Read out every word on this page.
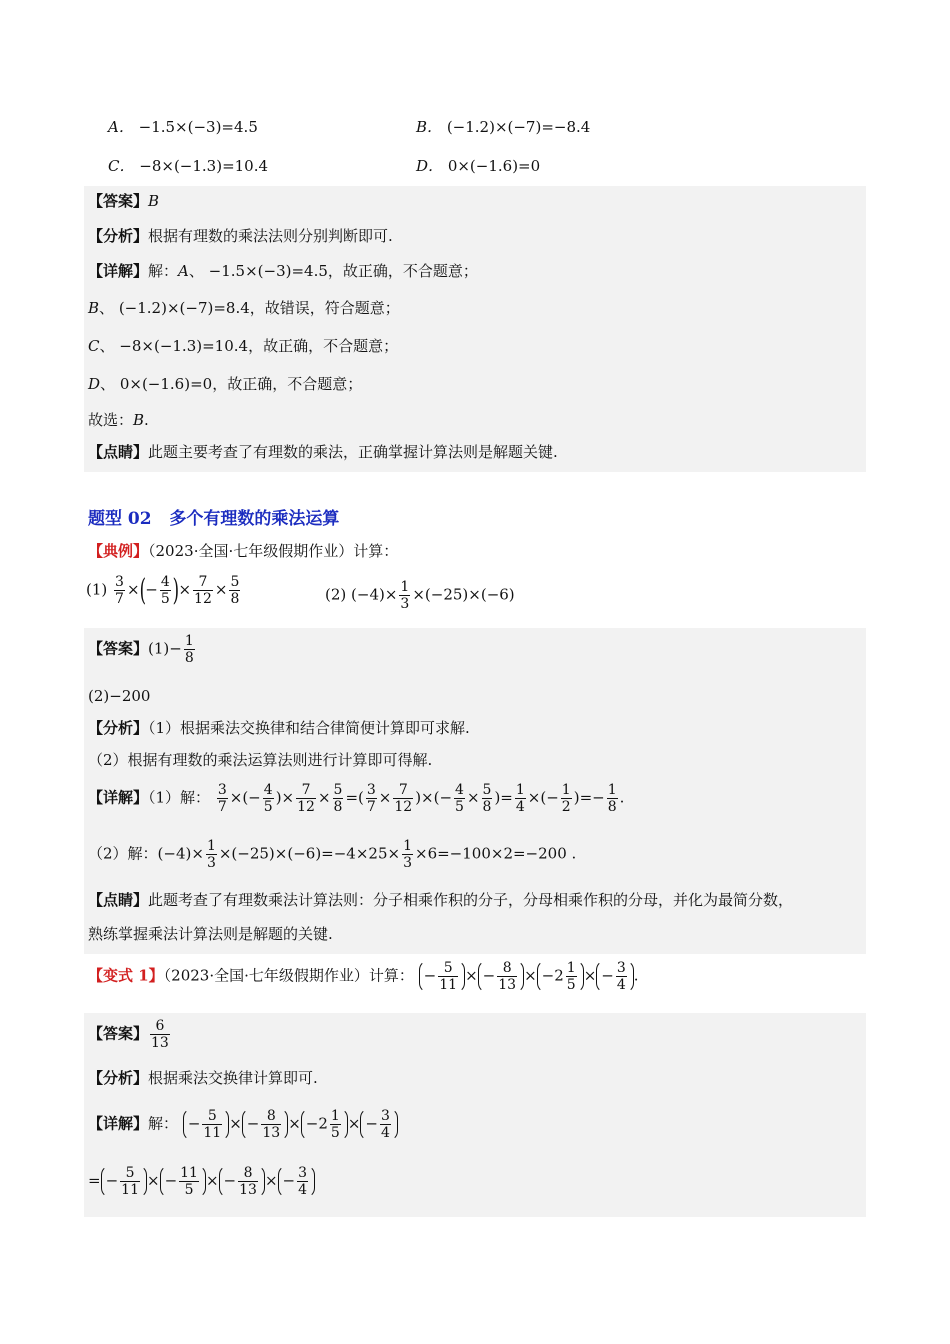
A． −1.5×(−3)=4.5	B． (−1.2)×(−7)=−8.4
C． −8×(−1.3)=10.4	D． 0×(−1.6)=0
【答案】B
【分析】根据有理数的乘法法则分别判断即可.
【详解】解：A、 −1.5×(−3)=4.5，故正确，不合题意；
B、 (−1.2)×(−7)=8.4，故错误，符合题意；
C、 −8×(−1.3)=10.4，故正确，不合题意；
D、 0×(−1.6)=0，故正确，不合题意；
故选：B.
【点睛】此题主要考查了有理数的乘法，正确掌握计算法则是解题关键.
题型 02 多个有理数的乘法运算
【典例】（2023·全国·七年级假期作业）计算：
$(1) \frac{3}{7}$ ×(− $\frac{4}{5}$ )× $\frac{7}{12} \times \frac{5}{8}$	(2) $(-4)\times \frac{1}{3} \times(-25)\times(-6)$
【答案】$(1)- \frac{1}{8}$
(2)−200
【分析】（1）根据乘法交换律和结合律简便计算即可求解.
（2）根据有理数的乘法运算法则进行计算即可得解.
【详解】（1）解： $\frac{3}{7}$ ×(− $\frac{4}{5}$ )× $\frac{7}{12} \times \frac{5}{8}$ =( $\frac{3}{7} \times \frac{7}{12}$ )×(− $\frac{4}{5} \times \frac{5}{8}$ )= $\frac{1}{4}$ ×(− $\frac{1}{2}$ )=− $\frac{1}{8}$ .
（2）解：$(-4)\times \frac{1}{3} \times(-25)\times(-6)=-4\times 25\times \frac{1}{3} \times 6=-100\times 2=-200$ .
【点睛】此题考查了有理数乘法计算法则：分子相乘作积的分子，分母相乘作积的分母，并化为最简分数，
熟练掌握乘法计算法则是解题的关键.
【变式 1】（2023·全国·七年级假期作业）计算： − $\frac{5}{11}$ × − $\frac{8}{13} \times -2 \frac{1}{5}$ × − $\frac{3}{4}$ .
【答案】 $\frac{6}{13}$
【分析】根据乘法交换律计算即可.
【详解】解： − $\frac{5}{11}$ × − $\frac{8}{13} \times -2 \frac{1}{5}$ × − $\frac{3}{4}$
= − $\frac{5}{11}$ × − $\frac{11}{5}$ × − $\frac{8}{13}$ × − $\frac{3}{4}$
